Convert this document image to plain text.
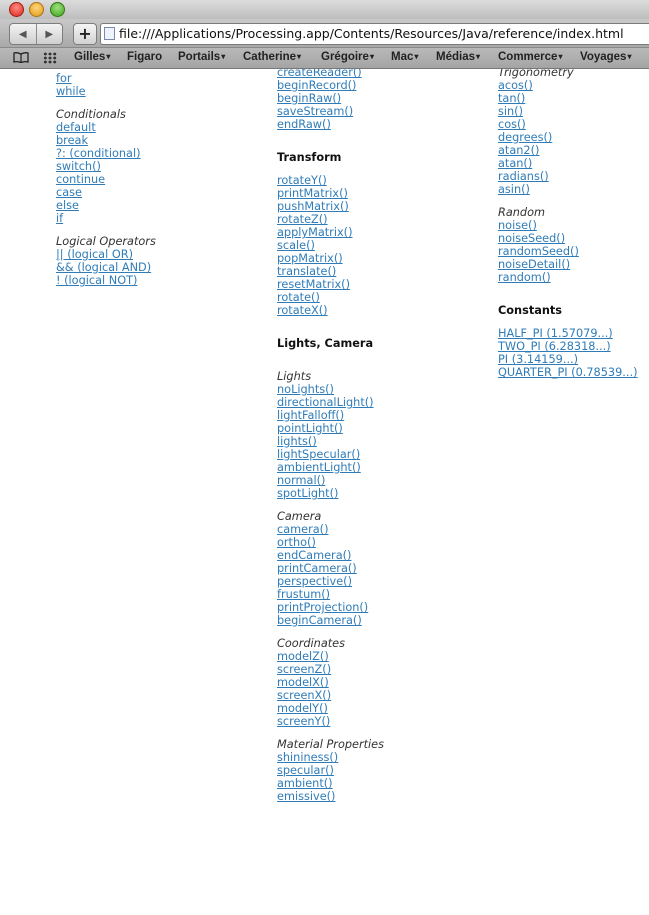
◀	▶	+	file:///Applications/Processing.app/Contents/Resources/Java/reference/index.html
Gilles▾ Figaro Portails▾ Catherine▾ Grégoire▾ Mac▾ Médias▾ Commerce▾ Voyages▾
for
while
Conditionals
default
break
?: (conditional)
switch()
continue
case
else
if
Logical Operators
|| (logical OR)
&& (logical AND)
! (logical NOT)
createReader()
beginRecord()
beginRaw()
saveStream()
endRaw()
Transform
rotateY()
printMatrix()
pushMatrix()
rotateZ()
applyMatrix()
scale()
popMatrix()
translate()
resetMatrix()
rotate()
rotateX()
Lights, Camera
Lights
noLights()
directionalLight()
lightFalloff()
pointLight()
lights()
lightSpecular()
ambientLight()
normal()
spotLight()
Camera
camera()
ortho()
endCamera()
printCamera()
perspective()
frustum()
printProjection()
beginCamera()
Coordinates
modelZ()
screenZ()
modelX()
screenX()
modelY()
screenY()
Material Properties
shininess()
specular()
ambient()
emissive()
Trigonometry
acos()
tan()
sin()
cos()
degrees()
atan2()
atan()
radians()
asin()
Random
noise()
noiseSeed()
randomSeed()
noiseDetail()
random()
Constants
HALF_PI (1.57079...)
TWO_PI (6.28318...)
PI (3.14159...)
QUARTER_PI (0.78539...)
